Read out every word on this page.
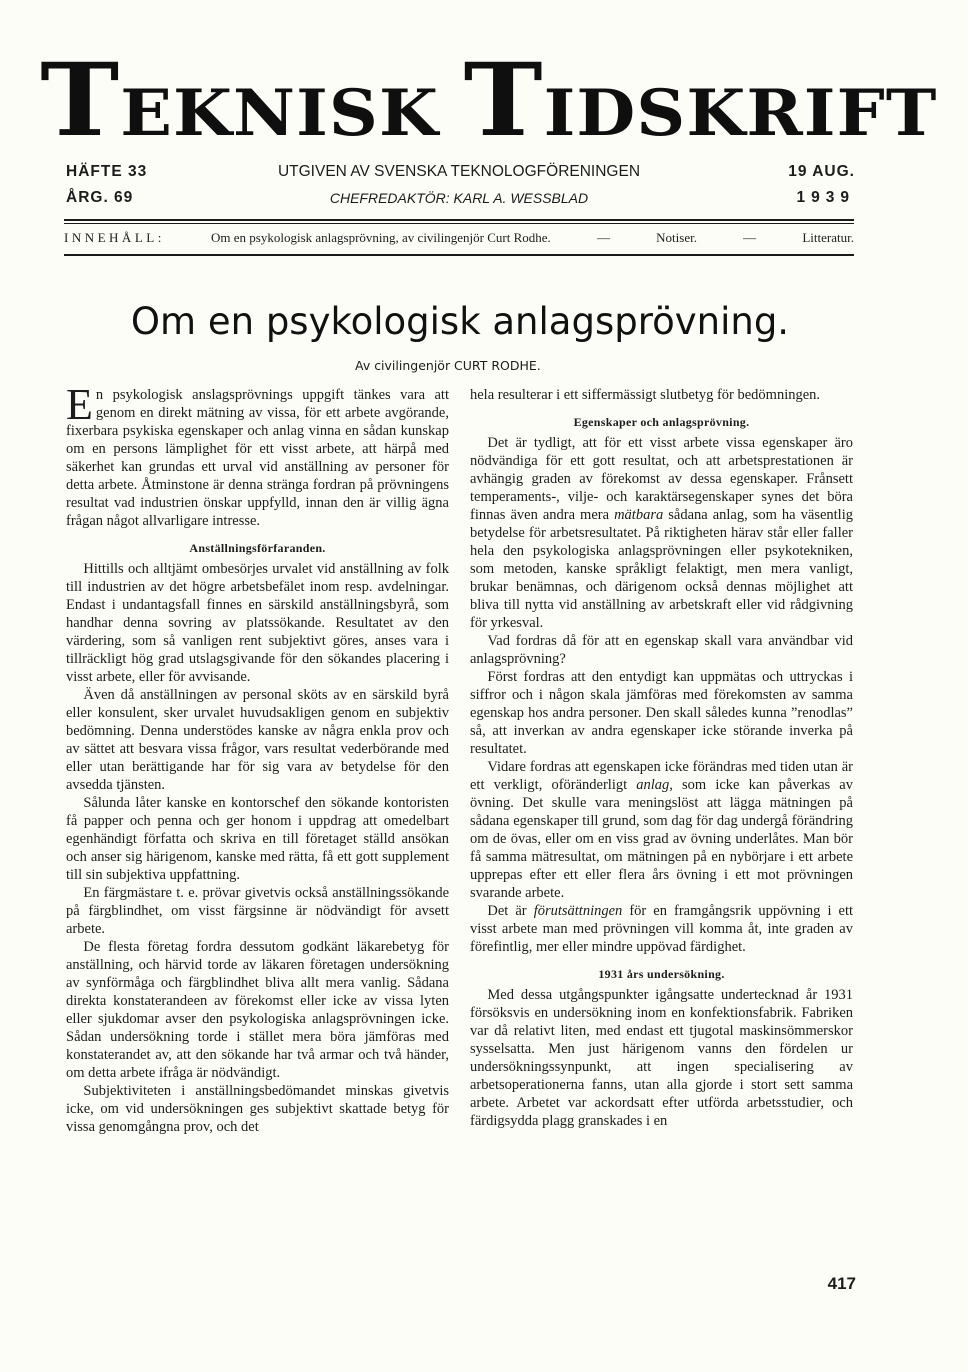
TEKNISK TIDSKRIFT
HÄFTE 33
ÅRG. 69
UTGIVEN AV SVENSKA TEKNOLOGFÖRENINGEN
CHEFREDAKTÖR: KARL A. WESSBLAD
19 AUG.
1939
INNEHÅLL:	Om en psykologisk anlagsprövning, av civilingenjör Curt Rodhe.	—	Notiser.	—	Litteratur.
Om en psykologisk anlagsprövning.
Av civilingenjör CURT RODHE.

En psykologisk anslagsprövnings uppgift tänkes vara att genom en direkt mätning av vissa, för ett arbete avgörande, fixerbara psykiska egenskaper och anlag vinna en sådan kunskap om en persons lämplighet för ett visst arbete, att härpå med säkerhet kan grundas ett urval vid anställning av personer för detta arbete. Åtminstone är denna stränga fordran på prövningens resultat vad industrien önskar uppfylld, innan den är villig ägna frågan något allvarligare intresse.

Anställningsförfaranden.

Hittills och alltjämt ombesörjes urvalet vid anställning av folk till industrien av det högre arbetsbefälet inom resp. avdelningar. Endast i undantagsfall finnes en särskild anställningsbyrå, som handhar denna sovring av platssökande. Resultatet av den värdering, som så vanligen rent subjektivt göres, anses vara i tillräckligt hög grad utslagsgivande för den sökandes placering i visst arbete, eller för avvisande.

Även då anställningen av personal sköts av en särskild byrå eller konsulent, sker urvalet huvudsakligen genom en subjektiv bedömning. Denna understödes kanske av några enkla prov och av sättet att besvara vissa frågor, vars resultat vederbörande med eller utan berättigande har för sig vara av betydelse för den avsedda tjänsten.

Sålunda låter kanske en kontorschef den sökande kontoristen få papper och penna och ger honom i uppdrag att omedelbart egenhändigt författa och skriva en till företaget ställd ansökan och anser sig härigenom, kanske med rätta, få ett gott supplement till sin subjektiva uppfattning.

En färgmästare t. e. prövar givetvis också anställningssökande på färgblindhet, om visst färgsinne är nödvändigt för avsett arbete.

De flesta företag fordra dessutom godkänt läkarebetyg för anställning, och härvid torde av läkaren företagen undersökning av synförmåga och färgblindhet bliva allt mera vanlig. Sådana direkta konstaterandeen av förekomst eller icke av vissa lyten eller sjukdomar avser den psykologiska anlagsprövningen icke. Sådan undersökning torde i stället mera böra jämföras med konstaterandet av, att den sökande har två armar och två händer, om detta arbete ifråga är nödvändigt.

Subjektiviteten i anställningsbedömandet minskas givetvis icke, om vid undersökningen ges subjektivt skattade betyg för vissa genomgångna prov, och det

hela resulterar i ett siffermässigt slutbetyg för bedömningen.

Egenskaper och anlagsprövning.

Det är tydligt, att för ett visst arbete vissa egenskaper äro nödvändiga för ett gott resultat, och att arbetsprestationen är avhängig graden av förekomst av dessa egenskaper. Frånsett temperaments-, vilje- och karaktärsegenskaper synes det böra finnas även andra mera mätbara sådana anlag, som ha väsentlig betydelse för arbetsresultatet. På riktigheten härav står eller faller hela den psykologiska anlagsprövningen eller psykotekniken, som metoden, kanske språkligt felaktigt, men mera vanligt, brukar benämnas, och därigenom också dennas möjlighet att bliva till nytta vid anställning av arbetskraft eller vid rådgivning för yrkesval.

Vad fordras då för att en egenskap skall vara användbar vid anlagsprövning?

Först fordras att den entydigt kan uppmätas och uttryckas i siffror och i någon skala jämföras med förekomsten av samma egenskap hos andra personer. Den skall således kunna ”renodlas” så, att inverkan av andra egenskaper icke störande inverka på resultatet.

Vidare fordras att egenskapen icke förändras med tiden utan är ett verkligt, oföränderligt anlag, som icke kan påverkas av övning. Det skulle vara meningslöst att lägga mätningen på sådana egenskaper till grund, som dag för dag undergå förändring om de övas, eller om en viss grad av övning underlåtes. Man bör få samma mätresultat, om mätningen på en nybörjare i ett arbete upprepas efter ett eller flera års övning i ett mot prövningen svarande arbete.

Det är förutsättningen för en framgångsrik uppövning i ett visst arbete man med prövningen vill komma åt, inte graden av förefintlig, mer eller mindre uppövad färdighet.

1931 års undersökning.

Med dessa utgångspunkter igångsatte undertecknad år 1931 försöksvis en undersökning inom en konfektionsfabrik. Fabriken var då relativt liten, med endast ett tjugotal maskinsömmerskor sysselsatta. Men just härigenom vanns den fördelen ur undersökningssynpunkt, att ingen specialisering av arbetsoperationerna fanns, utan alla gjorde i stort sett samma arbete. Arbetet var ackordsatt efter utförda arbetsstudier, och färdigsydda plagg granskades i en

417
